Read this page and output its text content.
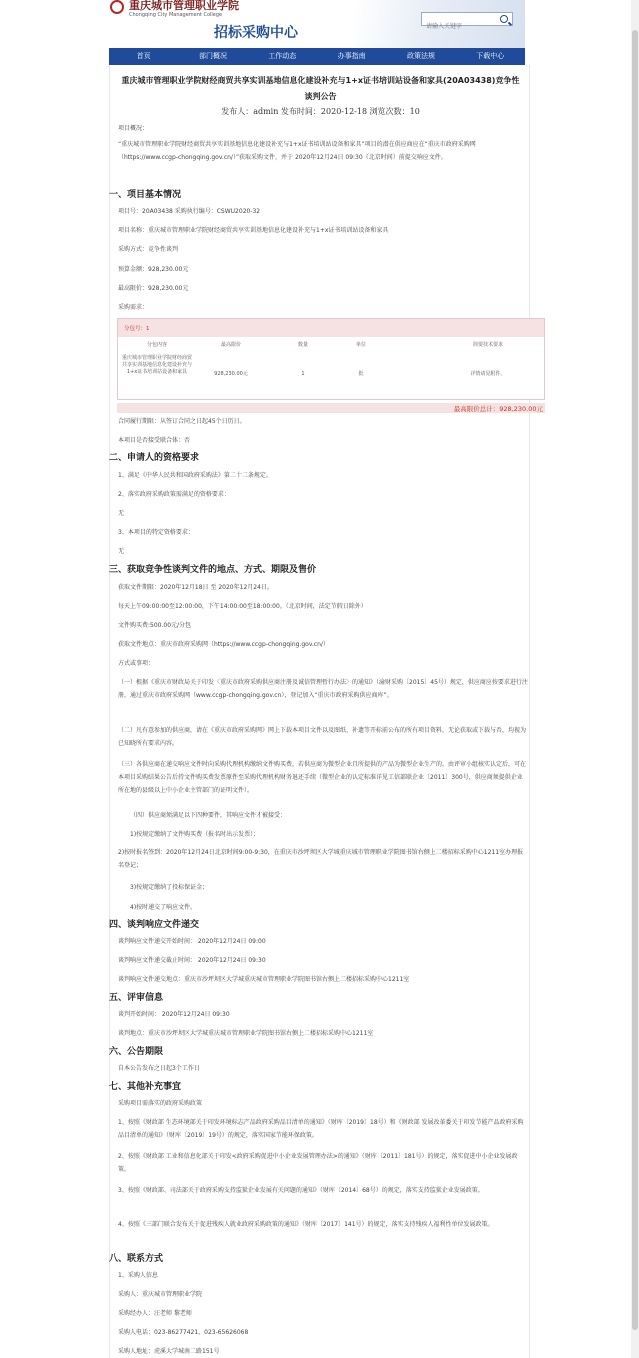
重庆城市管理职业学院
Chongqing City Management College
招标采购中心
请输入关键字
首页	部门概况	工作动态	办事指南	政策法规	下载中心
重庆城市管理职业学院财经商贸共享实训基地信息化建设补充与1+x证书培训站设备和家具(20A03438)竞争性
谈判公告
发布人：admin 发布时间：2020-12-18 浏览次数：10
项目概况：
“重庆城市管理职业学院财经商贸共享实训基地信息化建设补充与1+x证书培训站设备和家具”项目的潜在供应商应在“重庆市政府采购网（https://www.ccgp-chongqing.gov.cn/）”获取采购文件，并于 2020年12月24日 09:30（北京时间）前提交响应文件。
一、项目基本情况
项目号：20A03438 采购执行编号：CSWU2020-32
项目名称：重庆城市管理职业学院财经商贸共享实训基地信息化建设补充与1+x证书培训站设备和家具
采购方式：竞争性谈判
预算金额：928,230.00元
最高限价：928,230.00元
采购需求：
分包号：1
分包内容	最高限价	数量	单位	简要技术要求
重庆城市管理职业学院财经商贸共享实训基地信息化建设补充与1+x证书培训站设备和家具	928,230.00元	1	批	详情请见附件。
最高限价总计：928,230.00元
合同履行期限：从签订合同之日起45个日历日。
本项目是否接受联合体：否
二、申请人的资格要求
1、满足《中华人民共和国政府采购法》第二十二条规定。
2、落实政府采购政策需满足的资格要求：
无
3、本项目的特定资格要求：
无
三、获取竞争性谈判文件的地点、方式、期限及售价
获取文件期限：2020年12月18日 至 2020年12月24日。
每天上午09:00:00至12:00:00，下午14:00:00至18:00:00。（北京时间，法定节假日除外）
文件购买费:500.00元/分包
获取文件地点：重庆市政府采购网（https://www.ccgp-chongqing.gov.cn/）
方式或事项：
（一）根据《重庆市财政局关于印发〈重庆市政府采购供应商注册及诚信管理暂行办法〉的通知》（渝财采购〔2015〕45号）规定，供应商应按要求进行注册，通过重庆市政府采购网（www.ccgp-chongqing.gov.cn），登记加入“重庆市政府采购供应商库”。
（二）凡有意参加的供应商，请在《重庆市政府采购网》网上下载本项目文件以及图纸、补遗等开标前公布的所有项目资料，无论获取或下载与否，均视为已知晓所有要求内容。
（三）各供应商在递交响应文件时向采购代理机构缴纳文件购买费，若供应商为微型企业且所提供的产品为微型企业生产的，由评审小组核实认定后，可在本项目采购结果公告后持文件购买费发票原件至采购代理机构财务退还手续（微型企业的认定标准详见工信部联企业〔2011〕300号，供应商须提供企业所在地的县级以上中小企业主管部门的证明文件）。
（四）供应商须满足以下四种要件，其响应文件才被接受：
1)按规定缴纳了文件购买费（报名时出示发票）；
2)按时报名签到：2020年12月24日北京时间9:00-9:30，在重庆市沙坪坝区大学城重庆城市管理职业学院图书馆右侧上二楼招标采购中心1211室办理报名登记；
3)按规定缴纳了投标保证金；
4)按时递交了响应文件。
四、谈判响应文件递交
谈判响应文件递交开始时间： 2020年12月24日 09:00
谈判响应文件递交截止时间： 2020年12月24日 09:30
谈判响应文件递交地点：重庆市沙坪坝区大学城重庆城市管理职业学院图书馆右侧上二楼招标采购中心1211室
五、评审信息
谈判开始时间： 2020年12月24日 09:30
谈判地点：重庆市沙坪坝区大学城重庆城市管理职业学院图书馆右侧上二楼招标采购中心1211室
六、公告期限
自本公告发布之日起3个工作日
七、其他补充事宜
采购项目需落实的政府采购政策
1、按照《财政部 生态环境部关于印发环境标志产品政府采购品目清单的通知》（财库〔2019〕18号）和《财政部 发展改革委关于印发节能产品政府采购品目清单的通知》（财库〔2019〕19号）的规定，落实国家节能环保政策。
2、按照《财政部 工业和信息化部关于印发<政府采购促进中小企业发展管理办法>的通知》（财库〔2011〕181号）的规定，落实促进中小企业发展政策。
3、按照《财政部、司法部关于政府采购支持监狱企业发展有关问题的通知》（财库〔2014〕68号）的规定，落实支持监狱企业发展政策。
4、按照《三部门联合发布关于促进残疾人就业政府采购政策的通知》（财库〔2017〕141号）的规定，落实支持残疾人福利性单位发展政策。
八、联系方式
1、采购人信息
采购人：重庆城市管理职业学院
采购经办人：汪老师 黎老师
采购人电话：023-86277421，023-65626068
采购人地址：虎溪大学城南二路151号
